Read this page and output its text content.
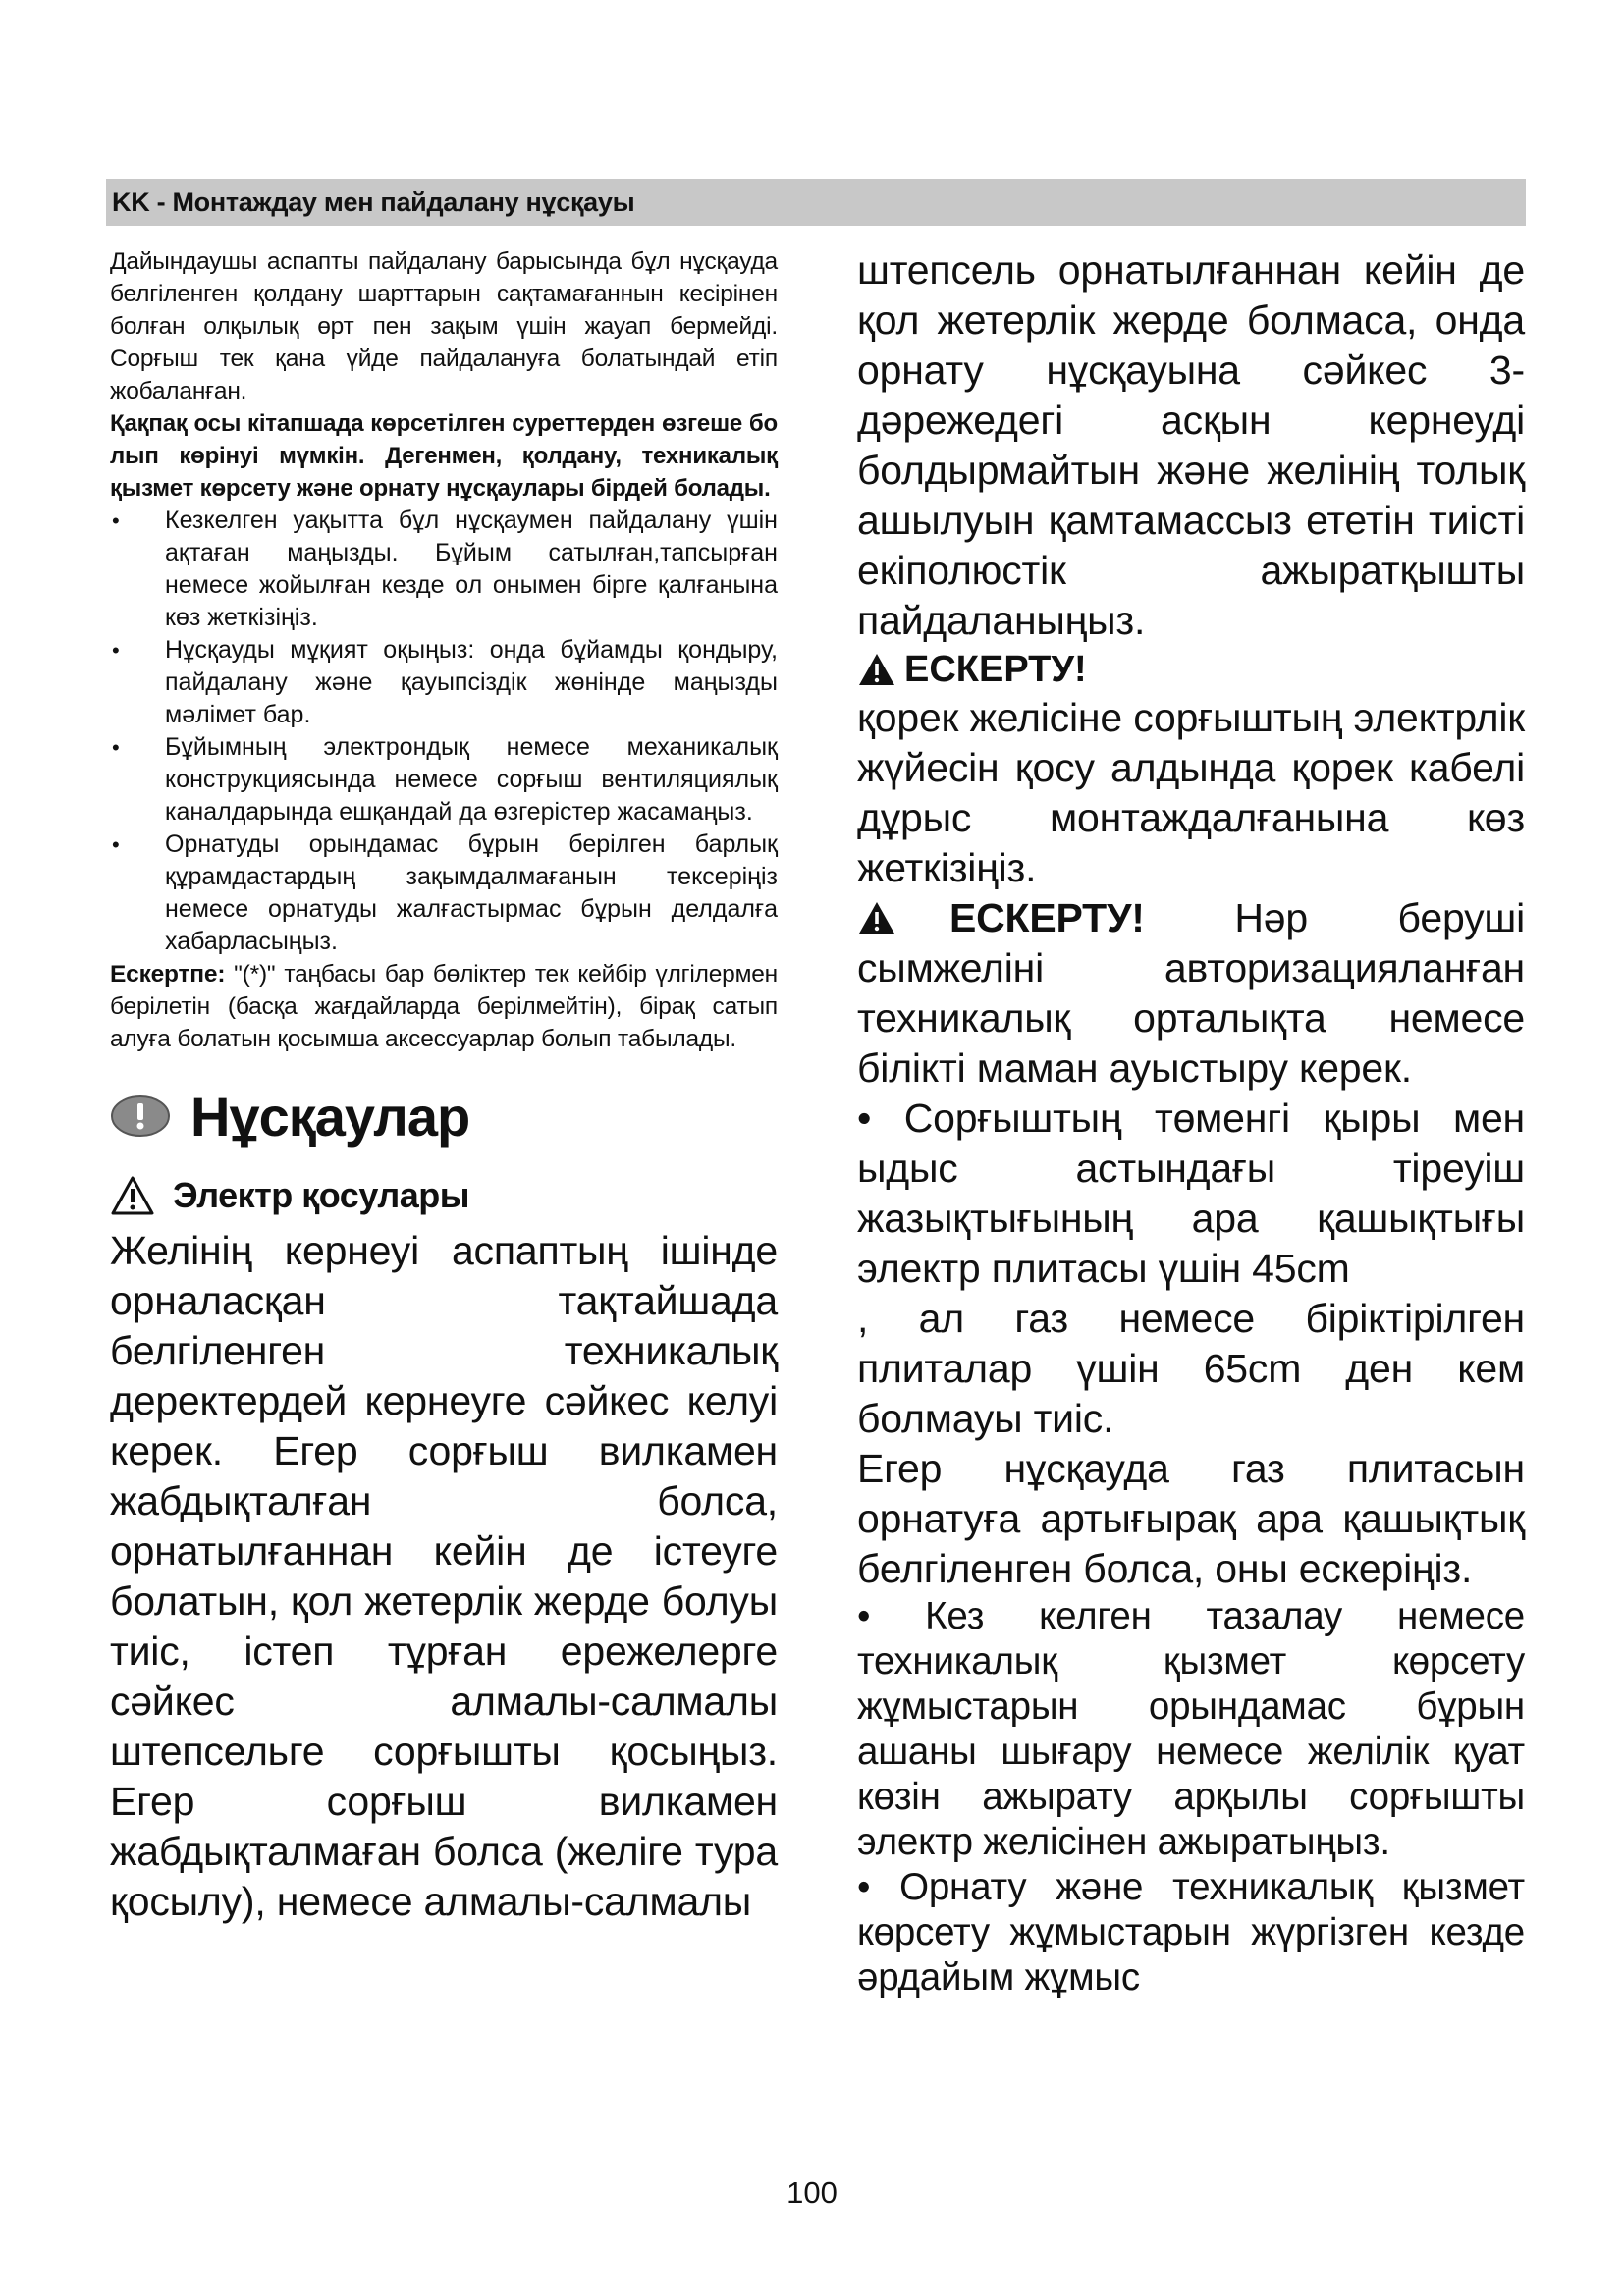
KK - Монтаждау мен пайдалану нұсқауы

Дайындаушы аспапты пайдалану барысында бұл нұсқауда белгіленген қолдану шарттарын сақтамағаннын кесірінен болған олқылық өрт пен зақым үшін жауап бермейді. Сорғыш тек қана үйде пайдалануға болатындай етіп жобаланған.

Қақпақ осы кітапшада көрсетілген суреттерден өзгеше бо лып көрінуі мүмкін. Дегенмен, қолдану, техникалық қызмет көрсету және орнату нұсқаулары бірдей болады.

• Кезкелген уақытта бұл нұсқаумен пайдалану үшін ақтаған маңызды. Бұйым сатылған,тапсырған немесе жойылған кезде ол онымен бірге қалғанына көз жеткізіңіз.
• Нұсқауды мұқият оқыңыз: онда бұйамды қондыру, пайдалану және қауыпсіздік жөнінде маңызды мәлімет бар.
• Бұйымның электрондық немесе механикалық конструкциясында немесе сорғыш вентиляциялық каналдарында ешқандай да өзгерістер жасамаңыз.
• Орнатуды орындамас бұрын берілген барлық құрамдастардың зақымдалмағанын тексеріңіз немесе орнатуды жалғастырмас бұрын делдалға хабарласыңыз.

Ескертпе: "(*)" таңбасы бар бөліктер тек кейбір үлгілермен берілетін (басқа жағдайларда берілмейтін), бірақ сатып алуға болатын қосымша аксессуарлар болып табылады.

Нұсқаулар
Электр қосулары

Желінің кернеуі аспаптың ішінде орналасқан тақтайшада белгіленген техникалық деректердей кернеуге сәйкес келуі керек. Егер сорғыш вилкамен жабдықталған болса, орнатылғаннан кейін де істеуге болатын, қол жетерлік жерде болуы тиіс, істеп тұрған ережелерге сәйкес алмалы-салмалы штепсельге сорғышты қосыңыз. Егер сорғыш вилкамен жабдықталмаған болса (желіге тура қосылу), немесе алмалы-салмалы

штепсель орнатылғаннан кейін де қол жетерлік жерде болмаса, онда орнату нұсқауына сәйкес 3-дәрежедегі асқын кернеуді болдырмайтын және желінің толық ашылуын қамтамассыз ететін тиісті екіполюстік ажыратқышты пайдаланыңыз.

ЕСКЕРТУ!

қорек желісіне сорғыштың электрлік жүйесін қосу алдында қорек кабелі дұрыс монтаждалғанына көз жеткізіңіз.

ЕСКЕРТУ! Нәр беруші сымжеліні авторизацияланған техникалық орталықта немесе білікті маман ауыстыру керек.

• Сорғыштың төменгі қыры мен ыдыс астындағы тіреуіш жазықтығының ара қашықтығы электр плитасы үшін 45cm

, ал газ немесе біріктірілген плиталар үшін 65cm ден кем болмауы тиіс.

Егер нұсқауда газ плитасын орнатуға артығырақ ара қашықтық белгіленген болса, оны ескеріңіз.

• Кез келген тазалау немесе техникалық қызмет көрсету жұмыстарын орындамас бұрын ашаны шығару немесе желілік қуат көзін ажырату арқылы сорғышты электр желісінен ажыратыңыз.

• Орнату және техникалық қызмет көрсету жұмыстарын жүргізген кезде әрдайым жұмыс

100
